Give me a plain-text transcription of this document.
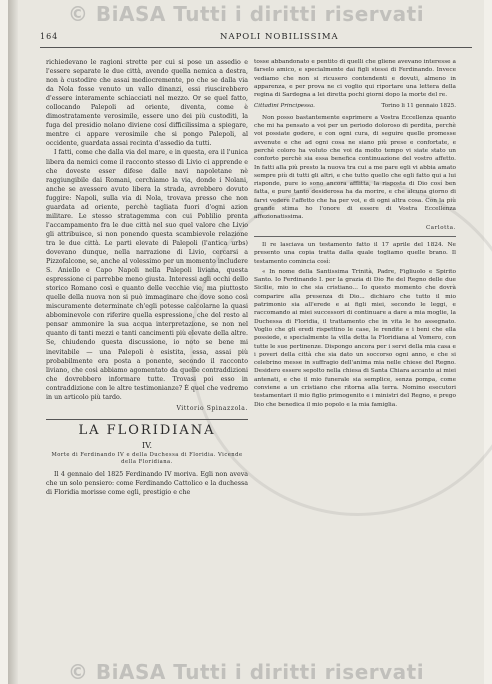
© BiASA Tutti i diritti riservati
164	NAPOLI NOBILISSIMA

richiedevano le ragioni strette per cui si pose un assedio e l'essere separate le due città, avendo quella nemica a destra, non à custodire che assai mediocremente, po che se dalla via da Nola fosse venuto un vallo dinanzi, essi riuscirebbero d'essere interamente schiacciati nel mezzo. Or se quel fatto, collocando Palepoli ad oriente, diventa, come è dimostratamente verosimile, essere uno dei più custoditi, la fuga del presidio nolano diviene cosí difficilissima a spiegare, mentre ci appare verosimile che si pongo Palepoli, al occidente, guardata assai recinta d'assedio da tutti.

I fatti, come che dalla via del mare, e in questa, era il l'unica libera da nemici come il racconto stesso di Livio ci apprende e che doveste esser difese dalle navi napoletane nè raggiungibile dai Romani, cerchiamo la via, donde i Nolani, anche se avessero avuto libera la strada, avrebbero dovuto fuggire: Napoli, sulla via di Nola, trovava presso che non guardata ad oriente, perchè tagliata fuori d'ogni azion militare. Le stesso stratagemma con cui Poblilio prenta l'accampamento fra le due città nel suo quel valore che Livio gli attribuisce, si non ponendo questa scambievole relazione tra le due città. Le parti elevate di Palepoli (l'antica urbs) dovevano dunque, nella narrazione di Livio, cercarsi a Pizzofalcone, se, anche al volessimo per un momento includere S. Aniello e Capo Napoli nella Palepoli liviana, questa espressione ci parrebbe meno giusta. Interessi agli occhi dello storico Romano così e quanto delle vecchie vie, ma piuttosto quelle della nuova non si può immaginare che dove sono così miscuramente determinate ch'egli potesse calcolarne la quasi abbominevole con riferire quella espressione, che del resto al pensar ammonire la sua acqua interpretazione, se non nel quanto di tanti mezzi e tanti cancimenti più elevate della altre. Se, chiudendo questa discussione, io noto se bene mi inevitabile — una Palepoli è esistita, essa, assai più probabilmente era posta a ponente, secondo il racconto liviano, che così abbiamo agomentato da quelle contraddizioni che dovrebbero informare tutte. Trovasi poi esso in contraddizione con le altre testimonianze? È quel che vedremo in un articolo più tardo.

Vittorio Spinazzola.
LA FLORIDIANA
IV.
Morte di Ferdinando IV e della Duchessa di Floridia. Vicende della Floridiana.

Il 4 gennaio del 1825 Ferdinando IV moriva. Egli non aveva che un solo pensiero: come Ferdinando Cattolico e la duchessa di Floridia morisse come egli, prestigio e che

tosse abbandonato e pentito di quelli che gliene avevano interesse a farselo amico, e specialmente dai figli stessi di Ferdinando. Invece vediamo che non si ricusero contendenti e dovuti, almeno in apparenza, e per prova ne ci voglio qui riportare una lettera della regina di Sardegna a lei diretta pochi giorni dopo la morte del re.

Cittadini Principessa.	Torino li 11 gennaio 1825.

Non posso bastantemente esprimere a Vostra Eccellenza quanto che mi ha pensato a voi per un periodo doloroso di perdita, perchè voi possiate godere, e con ogni cura, di seguire quelle promesse avvenute e che ad ogni cosa ne siano più prese e confortate, e perchè coloro ha voluto che voi da molto tempo vi siate stato un conforto perchè sia essa benefica continuazione del vostro affetto. In fatti alla più presto la nuova tra cui a me pare egli vi abbia amato sempre più di tutti gli altri, e che tutto quello che egli fatto qui a lui risponde, pure io sono ancora afflitta, la risposta di Dio cosí ben fatta, e pure tanto desiderosa ha da morire, e che alcuna giorno di farvi vedere l'affetto che ha per voi, e di ogni altra cosa. Con la più grande stima ho l'onore di essere di Vostra Eccellenza affezionatissima.

Carlotta.

Il re lasciava un testamento fatto il 17 aprile del 1824. Ne presento una copia tratta dalla quale togliamo quelle brano. Il testamento comincia così:

« In nome della Santissima Trinità, Padre, Figliuolo e Spirito Santo. Io Ferdinando I. per la grazia di Dio Re del Regno delle due Sicilie, mio io che sia cristiano... Io questo momento che dovrà comparire alla presenza di Dio... dichiaro che tutto il mio patrimonio sia all'erede e ai figli miei, secondo le leggi, e raccomando ai miei successori di continuare a dare a mia moglie, la Duchessa di Floridia, il trattamento che in vita le ho assegnato. Voglio che gli eredi rispettino le case, le rendite e i beni che ella possiede, e specialmente la villa detta la Floridiana al Vomero, con tutte le sue pertinenze. Dispongo ancora per i servi della mia casa e i poveri della città che sia dato un soccorso ogni anno, e che si celebrino messe in suffragio dell'anima mia nelle chiese del Regno. Desidero essere sepolto nella chiesa di Santa Chiara accanto ai miei antenati, e che il mio funerale sia semplice, senza pompa, come conviene a un cristiano che ritorna alla terra. Nomino esecutori testamentari il mio figlio primogenito e i ministri del Regno, e prego Dio che benedica il mio popolo e la mia famiglia.

© BiASA Tutti i diritti riservati
